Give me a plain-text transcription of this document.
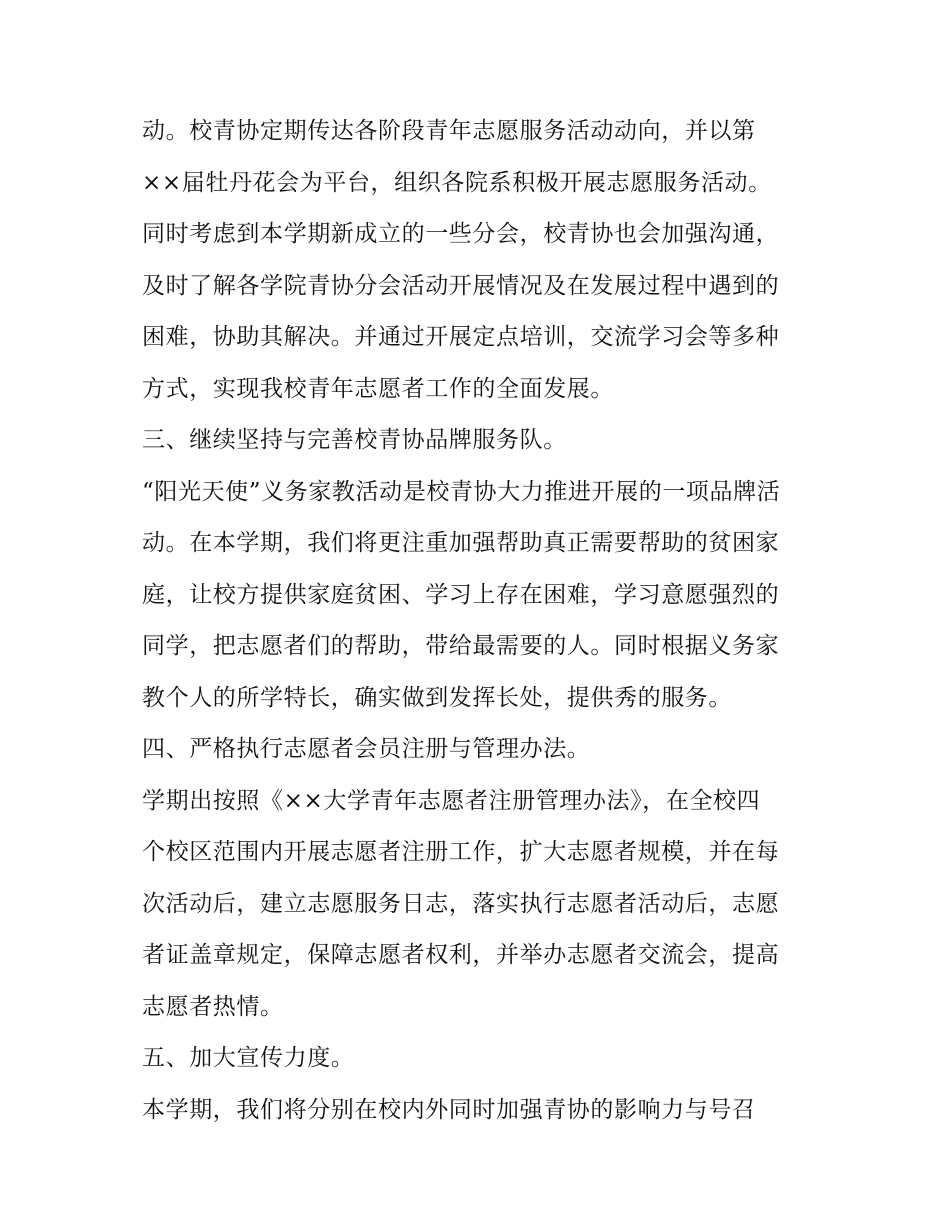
动。校青协定期传达各阶段青年志愿服务活动动向，并以第
××届牡丹花会为平台，组织各院系积极开展志愿服务活动。
同时考虑到本学期新成立的一些分会，校青协也会加强沟通，
及时了解各学院青协分会活动开展情况及在发展过程中遇到的
困难，协助其解决。并通过开展定点培训，交流学习会等多种
方式，实现我校青年志愿者工作的全面发展。
三、继续坚持与完善校青协品牌服务队。
“阳光天使”义务家教活动是校青协大力推进开展的一项品牌活
动。在本学期，我们将更注重加强帮助真正需要帮助的贫困家
庭，让校方提供家庭贫困、学习上存在困难，学习意愿强烈的
同学，把志愿者们的帮助，带给最需要的人。同时根据义务家
教个人的所学特长，确实做到发挥长处，提供秀的服务。
四、严格执行志愿者会员注册与管理办法。
学期出按照《××大学青年志愿者注册管理办法》，在全校四
个校区范围内开展志愿者注册工作，扩大志愿者规模，并在每
次活动后，建立志愿服务日志，落实执行志愿者活动后，志愿
者证盖章规定，保障志愿者权利，并举办志愿者交流会，提高
志愿者热情。
五、加大宣传力度。
本学期，我们将分别在校内外同时加强青协的影响力与号召
